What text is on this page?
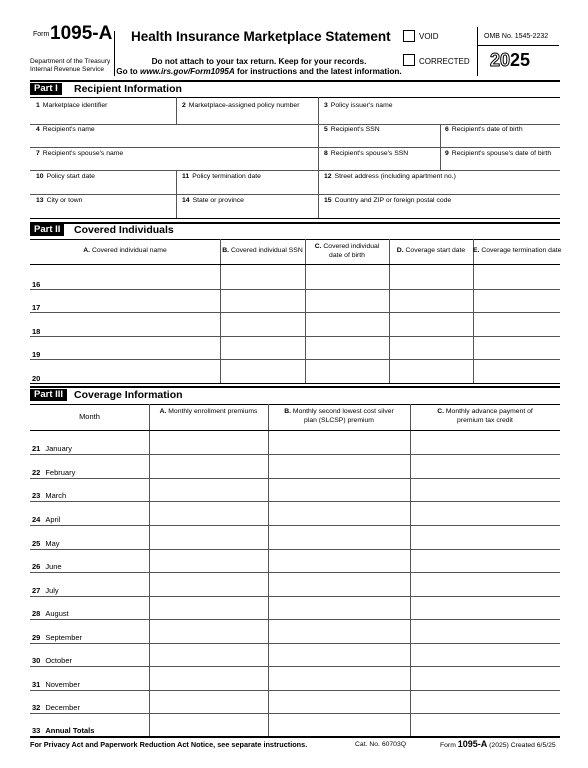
Form 1095-A
Department of the Treasury
Internal Revenue Service
Health Insurance Marketplace Statement
Do not attach to your tax return. Keep for your records.
Go to www.irs.gov/Form1095A for instructions and the latest information.
VOID
CORRECTED
OMB No. 1545-2232
2025
Part I	Recipient Information
1 Marketplace identifier	2 Marketplace-assigned policy number	3 Policy issuer's name
4 Recipient's name	5 Recipient's SSN	6 Recipient's date of birth
7 Recipient's spouse's name	8 Recipient's spouse's SSN	9 Recipient's spouse's date of birth
10 Policy start date	11 Policy termination date	12 Street address (including apartment no.)
13 City or town	14 State or province	15 Country and ZIP or foreign postal code
Part II	Covered Individuals
A. Covered individual name	B. Covered individual SSN
C. Covered individual
date of birth
D. Coverage start date	E. Coverage termination date
16
17
18
19
20
Part III	Coverage Information
Month
A. Monthly enrollment premiums	B. Monthly second lowest cost silver
plan (SLCSP) premium
C. Monthly advance payment of
premium tax credit
21 January
22 February
23 March
24 April
25 May
26 June
27 July
28 August
29 September
30 October
31 November
32 December
33 Annual Totals
For Privacy Act and Paperwork Reduction Act Notice, see separate instructions.	Cat. No. 60703Q	Form 1095-A (2025) Created 6/5/25
